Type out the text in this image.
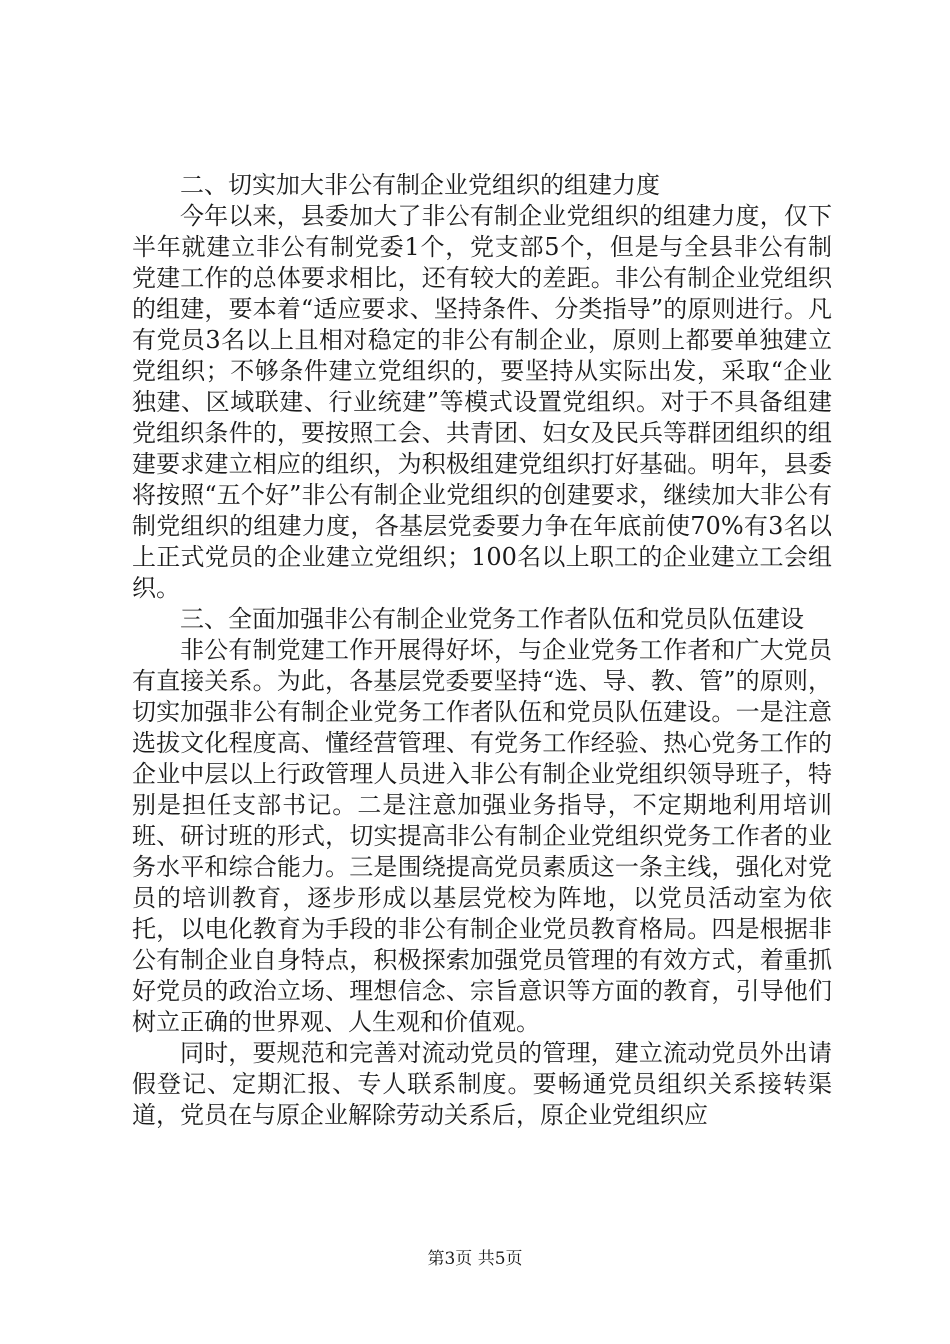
二、切实加大非公有制企业党组织的组建力度

今年以来，县委加大了非公有制企业党组织的组建力度，仅下半年就建立非公有制党委1个，党支部5个，但是与全县非公有制党建工作的总体要求相比，还有较大的差距。非公有制企业党组织的组建，要本着“适应要求、坚持条件、分类指导”的原则进行。凡有党员3名以上且相对稳定的非公有制企业，原则上都要单独建立党组织；不够条件建立党组织的，要坚持从实际出发，采取“企业独建、区域联建、行业统建”等模式设置党组织。对于不具备组建党组织条件的，要按照工会、共青团、妇女及民兵等群团组织的组建要求建立相应的组织，为积极组建党组织打好基础。明年，县委将按照“五个好”非公有制企业党组织的创建要求，继续加大非公有制党组织的组建力度，各基层党委要力争在年底前使70%有3名以上正式党员的企业建立党组织；100名以上职工的企业建立工会组织。

三、全面加强非公有制企业党务工作者队伍和党员队伍建设

非公有制党建工作开展得好坏，与企业党务工作者和广大党员有直接关系。为此，各基层党委要坚持“选、导、教、管”的原则，切实加强非公有制企业党务工作者队伍和党员队伍建设。一是注意选拔文化程度高、懂经营管理、有党务工作经验、热心党务工作的企业中层以上行政管理人员进入非公有制企业党组织领导班子，特别是担任支部书记。二是注意加强业务指导，不定期地利用培训班、研讨班的形式，切实提高非公有制企业党组织党务工作者的业务水平和综合能力。三是围绕提高党员素质这一条主线，强化对党员的培训教育，逐步形成以基层党校为阵地，以党员活动室为依托，以电化教育为手段的非公有制企业党员教育格局。四是根据非公有制企业自身特点，积极探索加强党员管理的有效方式，着重抓好党员的政治立场、理想信念、宗旨意识等方面的教育，引导他们树立正确的世界观、人生观和价值观。

同时，要规范和完善对流动党员的管理，建立流动党员外出请假登记、定期汇报、专人联系制度。要畅通党员组织关系接转渠道，党员在与原企业解除劳动关系后，原企业党组织应

第3页 共5页
